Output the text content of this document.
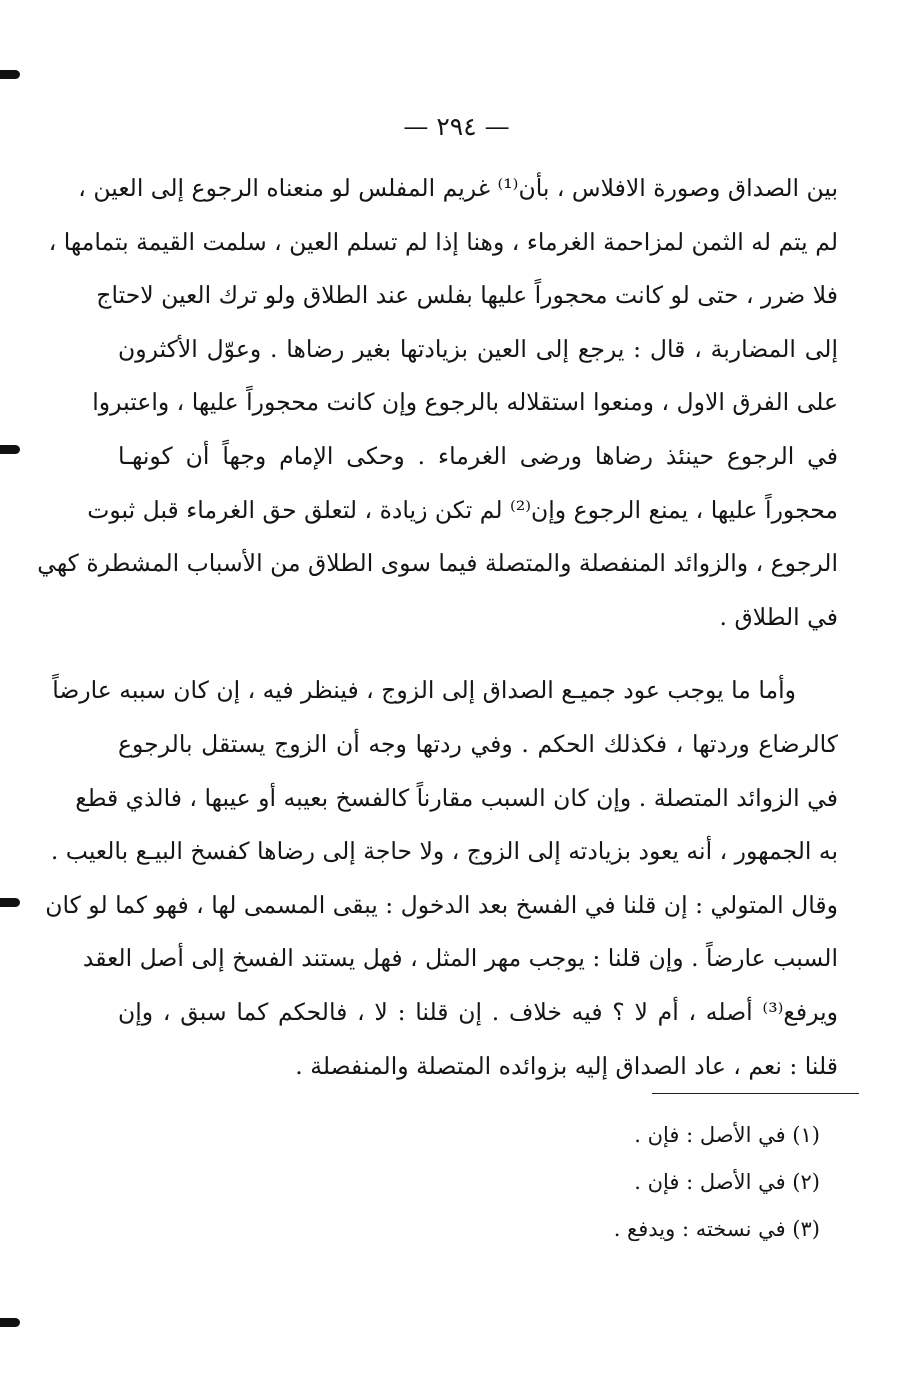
— ٢٩٤ —
بين الصداق وصورة الافلاس ، بأن⁽¹⁾ غريم المفلس لو منعناه الرجوع إلى العين ،
لم يتم له الثمن لمزاحمة الغرماء ، وهنا إذا لم تسلم العين ، سلمت القيمة بتمامها ،
فلا ضرر ، حتى لو كانت محجوراً عليها بفلس عند الطلاق ولو ترك العين لاحتاج
إلى المضاربة ، قال : يرجع إلى العين بزيادتها بغير رضاها . وعوّل الأكثرون
على الفرق الاول ، ومنعوا استقلاله بالرجوع وإن كانت محجوراً عليها ، واعتبروا
في الرجوع حينئذ رضاها ورضى الغرماء . وحكى الإمام وجهاً أن كونهـا
محجوراً عليها ، يمنع الرجوع وإن⁽²⁾ لم تكن زيادة ، لتعلق حق الغرماء قبل ثبوت
الرجوع ، والزوائد المنفصلة والمتصلة فيما سوى الطلاق من الأسباب المشطرة كهي
في الطلاق .
وأما ما يوجب عود جميـع الصداق إلى الزوج ، فينظر فيه ، إن كان سببه عارضاً
كالرضاع وردتها ، فكذلك الحكم . وفي ردتها وجه أن الزوج يستقل بالرجوع
في الزوائد المتصلة . وإن كان السبب مقارناً كالفسخ بعيبه أو عيبها ، فالذي قطع
به الجمهور ، أنه يعود بزيادته إلى الزوج ، ولا حاجة إلى رضاها كفسخ البيـع بالعيب .
وقال المتولي : إن قلنا في الفسخ بعد الدخول : يبقى المسمى لها ، فهو كما لو كان
السبب عارضاً . وإن قلنا : يوجب مهر المثل ، فهل يستند الفسخ إلى أصل العقد
ويرفع⁽³⁾ أصله ، أم لا ؟ فيه خلاف . إن قلنا : لا ، فالحكم كما سبق ، وإن
قلنا : نعم ، عاد الصداق إليه بزوائده المتصلة والمنفصلة .
(١) في الأصل : فإن .
(٢) في الأصل : فإن .
(٣) في نسخته : ويدفع .
